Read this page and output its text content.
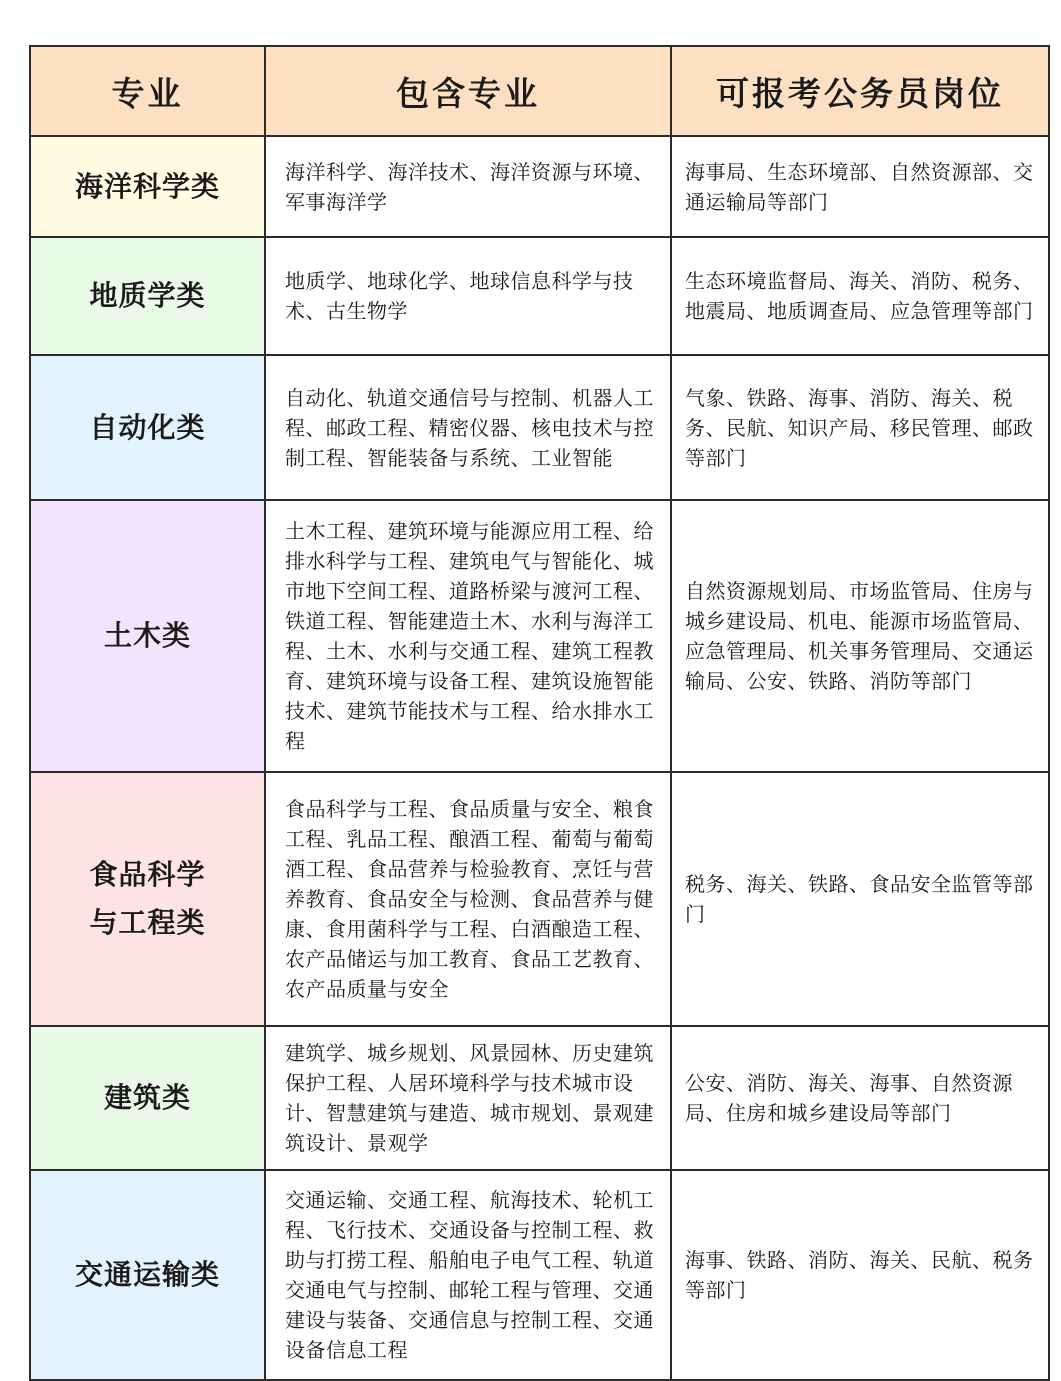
专业	包含专业	可报考公务员岗位
海洋科学类	海洋科学、海洋技术、海洋资源与环境、军事海洋学	海事局、生态环境部、自然资源部、交通运输局等部门
地质学类	地质学、地球化学、地球信息科学与技术、古生物学	生态环境监督局、海关、消防、税务、地震局、地质调查局、应急管理等部门
自动化类	自动化、轨道交通信号与控制、机器人工程、邮政工程、精密仪器、核电技术与控制工程、智能装备与系统、工业智能	气象、铁路、海事、消防、海关、税务、民航、知识产局、移民管理、邮政等部门
土木类	土木工程、建筑环境与能源应用工程、给排水科学与工程、建筑电气与智能化、城市地下空间工程、道路桥梁与渡河工程、铁道工程、智能建造土木、水利与海洋工程、土木、水利与交通工程、建筑工程教育、建筑环境与设备工程、建筑设施智能技术、建筑节能技术与工程、给水排水工程	自然资源规划局、市场监管局、住房与城乡建设局、机电、能源市场监管局、应急管理局、机关事务管理局、交通运输局、公安、铁路、消防等部门

食品科学与工程类	食品科学与工程、食品质量与安全、粮食工程、乳品工程、酿酒工程、葡萄与葡萄酒工程、食品营养与检验教育、烹饪与营养教育、食品安全与检测、食品营养与健康、食用菌科学与工程、白酒酿造工程、农产品储运与加工教育、食品工艺教育、农产品质量与安全	税务、海关、铁路、食品安全监管等部门
建筑类	建筑学、城乡规划、风景园林、历史建筑保护工程、人居环境科学与技术城市设计、智慧建筑与建造、城市规划、景观建筑设计、景观学	公安、消防、海关、海事、自然资源局、住房和城乡建设局等部门
交通运输类	交通运输、交通工程、航海技术、轮机工程、飞行技术、交通设备与控制工程、救助与打捞工程、船舶电子电气工程、轨道交通电气与控制、邮轮工程与管理、交通建设与装备、交通信息与控制工程、交通设备信息工程	海事、铁路、消防、海关、民航、税务等部门
